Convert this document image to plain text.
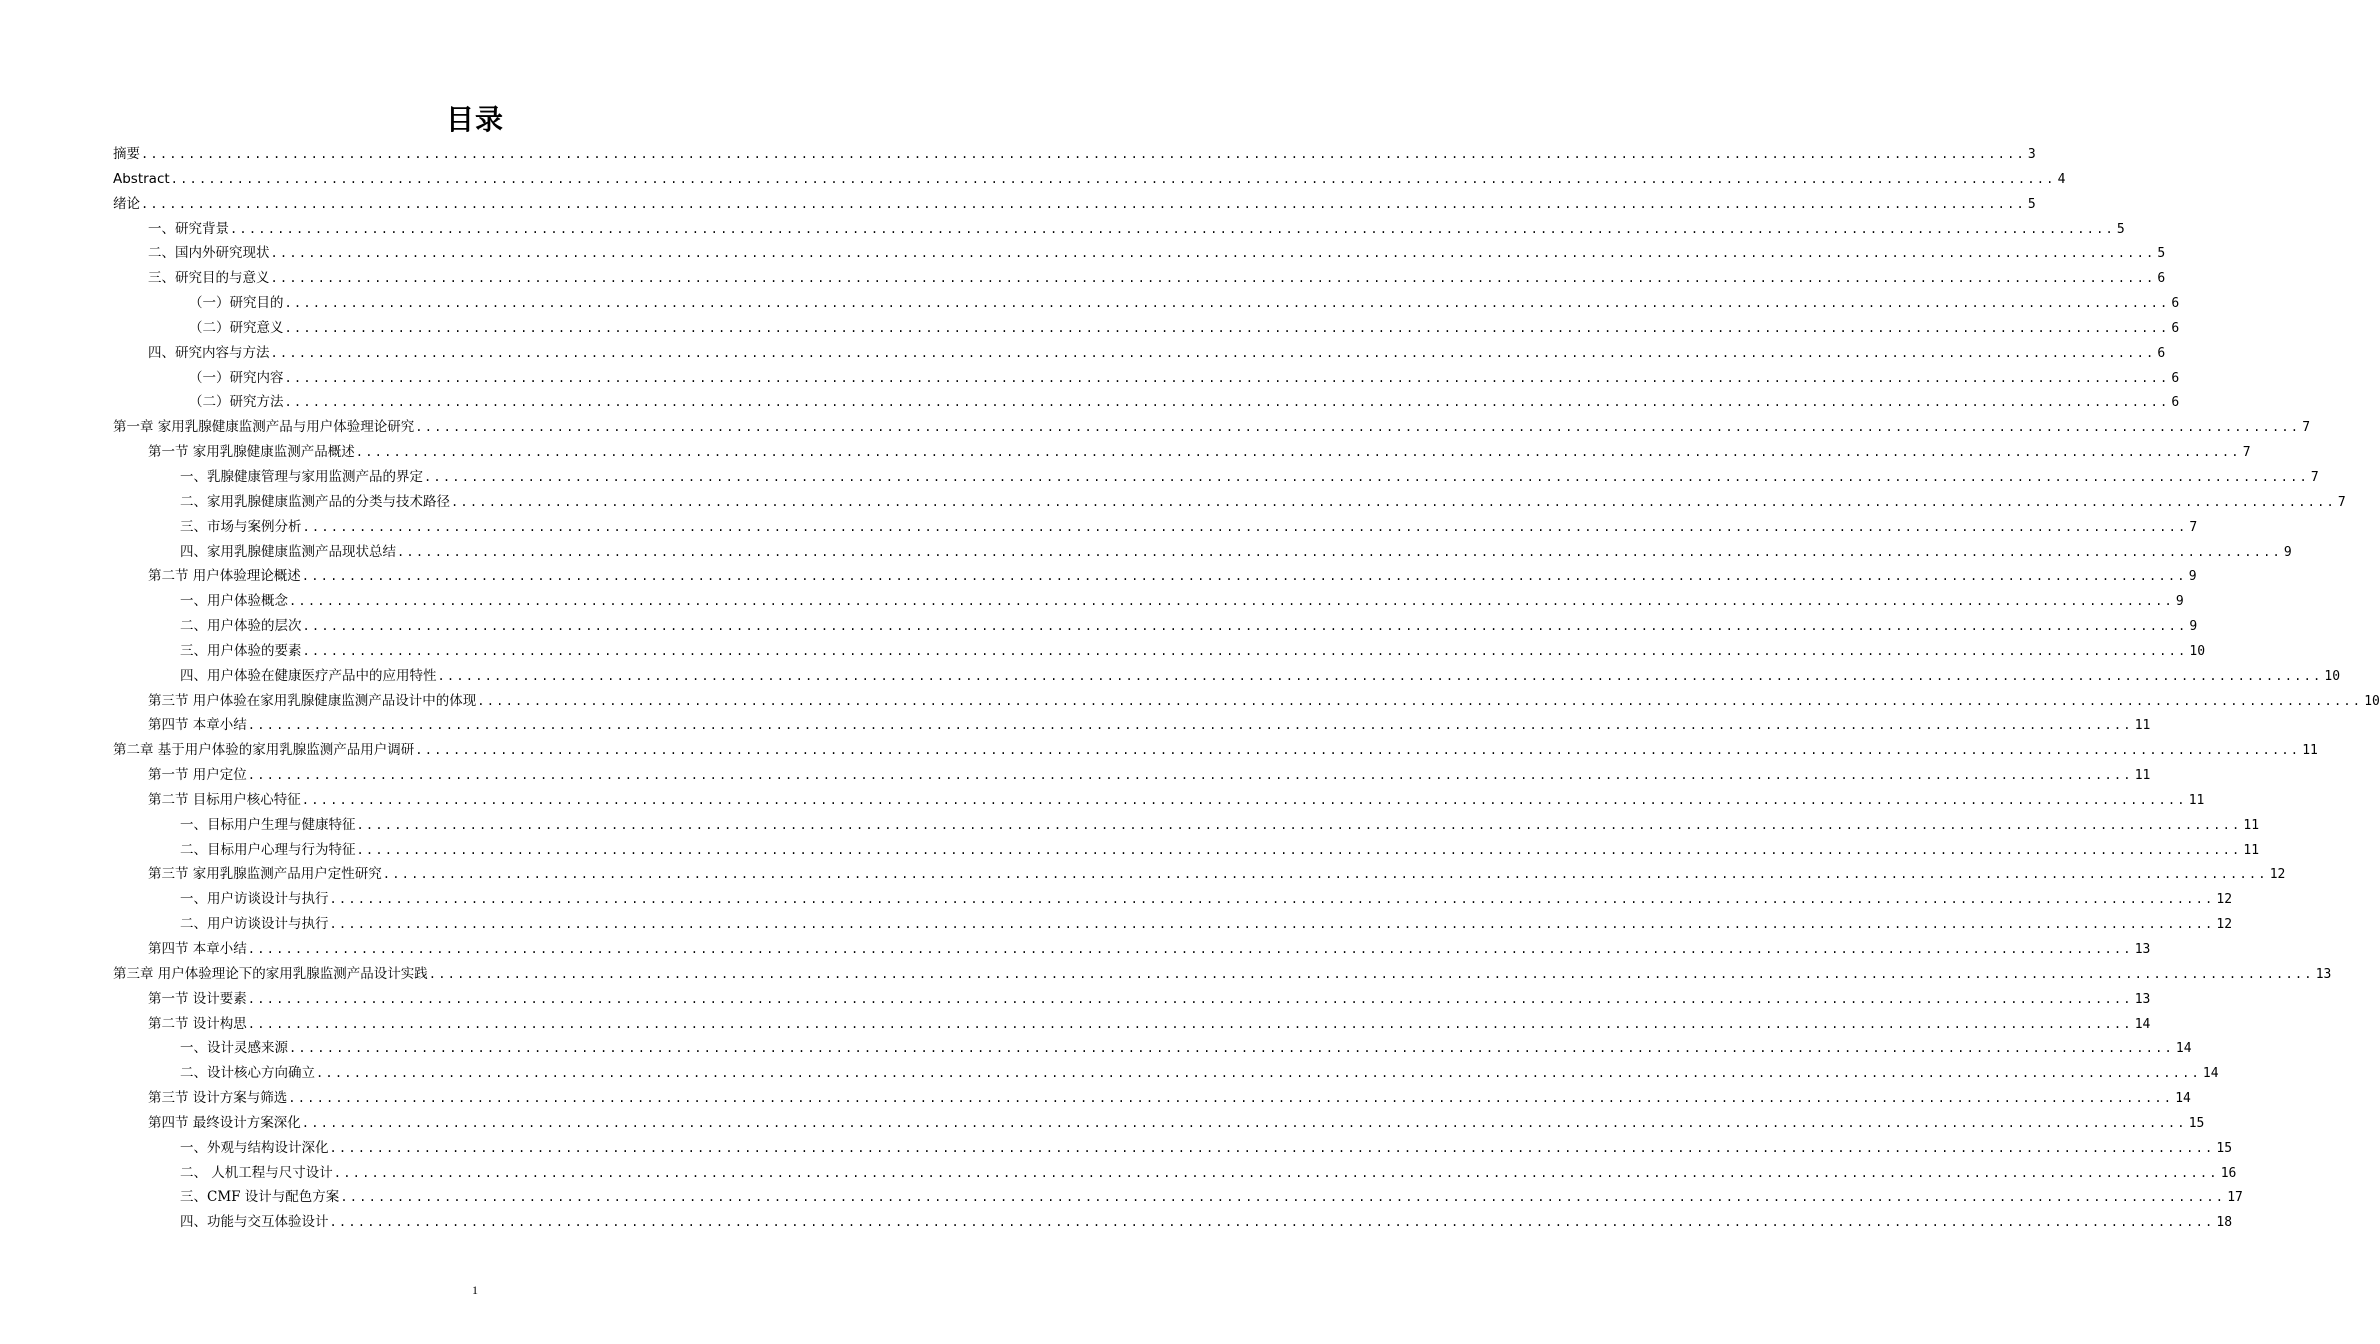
目录
摘要 ........................................................................................................................................................................................................ 3
Abstract ........................................................................................................................................................................................................ 4
绪论 ........................................................................................................................................................................................................ 5
一、研究背景 ........................................................................................................................................................................................................ 5
二、国内外研究现状 ........................................................................................................................................................................................................ 5
三、研究目的与意义 ........................................................................................................................................................................................................ 6
（一）研究目的 ........................................................................................................................................................................................................ 6
（二）研究意义 ........................................................................................................................................................................................................ 6
四、研究内容与方法 ........................................................................................................................................................................................................ 6
（一）研究内容 ........................................................................................................................................................................................................ 6
（二）研究方法 ........................................................................................................................................................................................................ 6
第一章 家用乳腺健康监测产品与用户体验理论研究 ........................................................................................................................................................................................................ 7
第一节 家用乳腺健康监测产品概述 ........................................................................................................................................................................................................ 7
一、乳腺健康管理与家用监测产品的界定 ........................................................................................................................................................................................................ 7
二、家用乳腺健康监测产品的分类与技术路径 ........................................................................................................................................................................................................ 7
三、市场与案例分析 ........................................................................................................................................................................................................ 7
四、家用乳腺健康监测产品现状总结 ........................................................................................................................................................................................................ 9
第二节 用户体验理论概述 ........................................................................................................................................................................................................ 9
一、用户体验概念 ........................................................................................................................................................................................................ 9
二、用户体验的层次 ........................................................................................................................................................................................................ 9
三、用户体验的要素 ........................................................................................................................................................................................................ 10
四、用户体验在健康医疗产品中的应用特性 ........................................................................................................................................................................................................ 10
第三节 用户体验在家用乳腺健康监测产品设计中的体现 ........................................................................................................................................................................................................ 10
第四节 本章小结 ........................................................................................................................................................................................................ 11
第二章 基于用户体验的家用乳腺监测产品用户调研 ........................................................................................................................................................................................................ 11
第一节 用户定位 ........................................................................................................................................................................................................ 11
第二节 目标用户核心特征 ........................................................................................................................................................................................................ 11
一、目标用户生理与健康特征 ........................................................................................................................................................................................................ 11
二、目标用户心理与行为特征 ........................................................................................................................................................................................................ 11
第三节 家用乳腺监测产品用户定性研究 ........................................................................................................................................................................................................ 12
一、用户访谈设计与执行 ........................................................................................................................................................................................................ 12
二、用户访谈设计与执行 ........................................................................................................................................................................................................ 12
第四节 本章小结 ........................................................................................................................................................................................................ 13
第三章 用户体验理论下的家用乳腺监测产品设计实践 ........................................................................................................................................................................................................ 13
第一节 设计要素 ........................................................................................................................................................................................................ 13
第二节 设计构思 ........................................................................................................................................................................................................ 14
一、设计灵感来源 ........................................................................................................................................................................................................ 14
二、设计核心方向确立 ........................................................................................................................................................................................................ 14
第三节 设计方案与筛选 ........................................................................................................................................................................................................ 14
第四节 最终设计方案深化 ........................................................................................................................................................................................................ 15
一、外观与结构设计深化 ........................................................................................................................................................................................................ 15
二、 人机工程与尺寸设计 ........................................................................................................................................................................................................ 16
三、CMF 设计与配色方案 ........................................................................................................................................................................................................ 17
四、功能与交互体验设计 ........................................................................................................................................................................................................ 18
1
